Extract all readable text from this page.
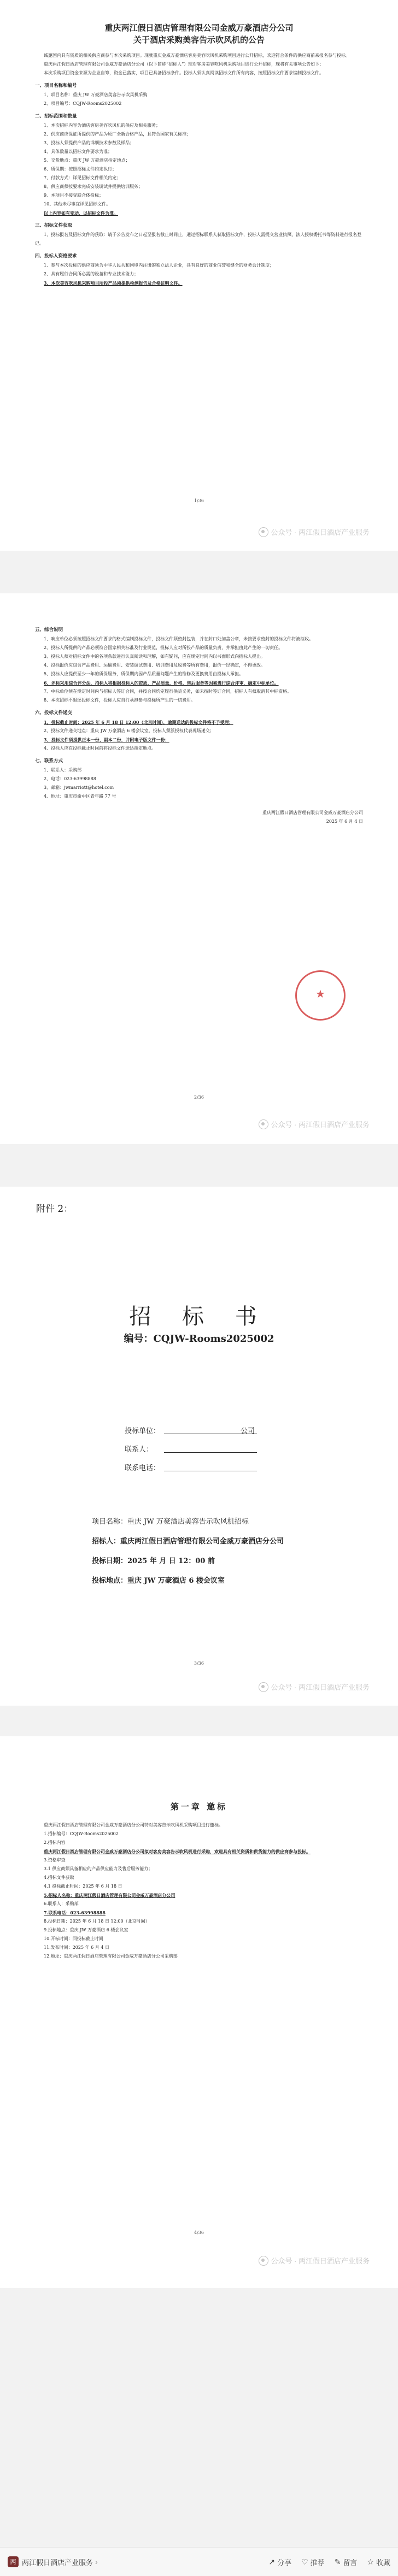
重庆两江假日酒店管理有限公司金威万豪酒店分公司
关于酒店采购美容告示吹风机的公告

诚邀国内具有资质的相关供应商参与本次采购项目。现就重庆金威万豪酒店客房美容吹风机采购项目进行公开招标，欢迎符合条件的供应商前来报名参与投标。

重庆两江假日酒店管理有限公司金威万豪酒店分公司（以下简称“招标人”）现对客房美容吹风机采购项目进行公开招标，现将有关事项公告如下：

本次采购项目资金来源为企业自筹，资金已落实，项目已具备招标条件。投标人须认真阅读招标文件所有内容，按照招标文件要求编制投标文件。

一、项目名称和编号

1、项目名称：重庆 JW 万豪酒店美容告示吹风机采购

2、项目编号：CQJW-Rooms2025002

二、招标范围和数量

1、本次招标内容为酒店客房美容吹风机的供应及相关服务；

2、供应商应保证所提供的产品为原厂全新合格产品，且符合国家有关标准；

3、投标人须提供产品的详细技术参数及样品；

4、具体数量以招标文件要求为准；

5、交货地点：重庆 JW 万豪酒店指定地点；

6、质保期：按照招标文件约定执行；

7、付款方式：详见招标文件相关约定；

8、供应商须按要求完成安装调试并提供培训服务；

9、本项目不接受联合体投标；

10、其他未尽事宜详见招标文件。

以上内容如有变动，以招标文件为准。

三、招标文件获取

1、投标报名及招标文件的获取：请于公告发布之日起至报名截止时间止，通过招标联系人获取招标文件，投标人需提交营业执照、法人授权委托书等资料进行报名登记。

四、投标人资格要求

1、参与本次投标的供应商须为中华人民共和国境内注册的独立法人企业，具有良好的商业信誉和健全的财务会计制度；

2、具有履行合同所必需的设备和专业技术能力；

3、本次美容吹风机采购项目所投产品须提供检测报告及合格证明文件。

1/36
公众号 · 两江假日酒店产业服务
五、综合说明

1、响应单位必须按照招标文件要求的格式编制投标文件，投标文件须密封包装，并在封口处加盖公章，未按要求密封的投标文件将被拒收。

2、投标人所提供的产品必须符合国家相关标准及行业规范，投标人应对所投产品的质量负责，并承担由此产生的一切责任。

3、投标人须对招标文件中的各项条款进行认真阅读和理解，如有疑问，应在规定时间内以书面形式向招标人提出。

4、投标报价应包含产品费用、运输费用、安装调试费用、培训费用及税费等所有费用，报价一经确定，不得更改。

5、投标人应提供至少一年的质保服务，质保期内因产品质量问题产生的维修及更换费用由投标人承担。

6、评标采用综合评分法，招标人将根据投标人的资质、产品质量、价格、售后服务等因素进行综合评审，确定中标单位。

7、中标单位须在规定时间内与招标人签订合同，并按合同约定履行供货义务，如未按时签订合同，招标人有权取消其中标资格。

8、本次招标不退还投标文件，投标人应自行承担参与投标所产生的一切费用。

六、投标文件递交

1、投标截止时间：2025 年 6 月 18 日 12:00（北京时间），逾期送达的投标文件将不予受理；

2、投标文件递交地点：重庆 JW 万豪酒店 6 楼会议室，投标人须派授权代表现场递交；

3、投标文件须提供正本一份、副本二份，并附电子版文件一份；

4、投标人应在投标截止时间前将投标文件送达指定地点。

七、联系方式

1、联系人：采购部

2、电话：023-63998888

3、邮箱：jwmarriott@hotel.com

4、地址：重庆市渝中区青年路 77 号

重庆两江假日酒店管理有限公司金威万豪酒店分公司
2025 年 6 月 4 日
★
2/36
公众号 · 两江假日酒店产业服务
附件 2：
招 标 书
编号：CQJW-Rooms2025002
投标单位：	公司
联系人：
联系电话：
项目名称：重庆 JW 万豪酒店美容告示吹风机招标
招标人：重庆两江假日酒店管理有限公司金威万豪酒店分公司
投标日期：2025 年 月 日 12：00 前
投标地点：重庆 JW 万豪酒店 6 楼会议室
3/36
公众号 · 两江假日酒店产业服务
第一章 邀标

重庆两江假日酒店管理有限公司金威万豪酒店分公司特对美容告示吹风机采购项目进行邀标。

1.招标编号：CQJW-Rooms2025002

2.招标内容

重庆两江假日酒店管理有限公司金威万豪酒店分公司拟对客房美容告示吹风机进行采购，欢迎具有相关资质和供货能力的供应商参与投标。

3.资格审查

3.1 供应商须具备相应的产品供应能力及售后服务能力；

4.招标文件获取

4.1 投标截止时间：2025 年 6 月 18 日

5.招标人名称：重庆两江假日酒店管理有限公司金威万豪酒店分公司

6.联系人：采购部

7.联系电话：023-63998888

8.投标日期：2025 年 6 月 18 日 12:00（北京时间）

9.投标地点：重庆 JW 万豪酒店 6 楼会议室

10.开标时间：同投标截止时间

11.发布时间：2025 年 6 月 4 日

12.地址：重庆两江假日酒店管理有限公司金威万豪酒店分公司采购部

4/36
公众号 · 两江假日酒店产业服务
两 两江假日酒店产业服务 ›	↗ 分享 ♡ 推荐 ✎ 留言 ☆ 收藏
